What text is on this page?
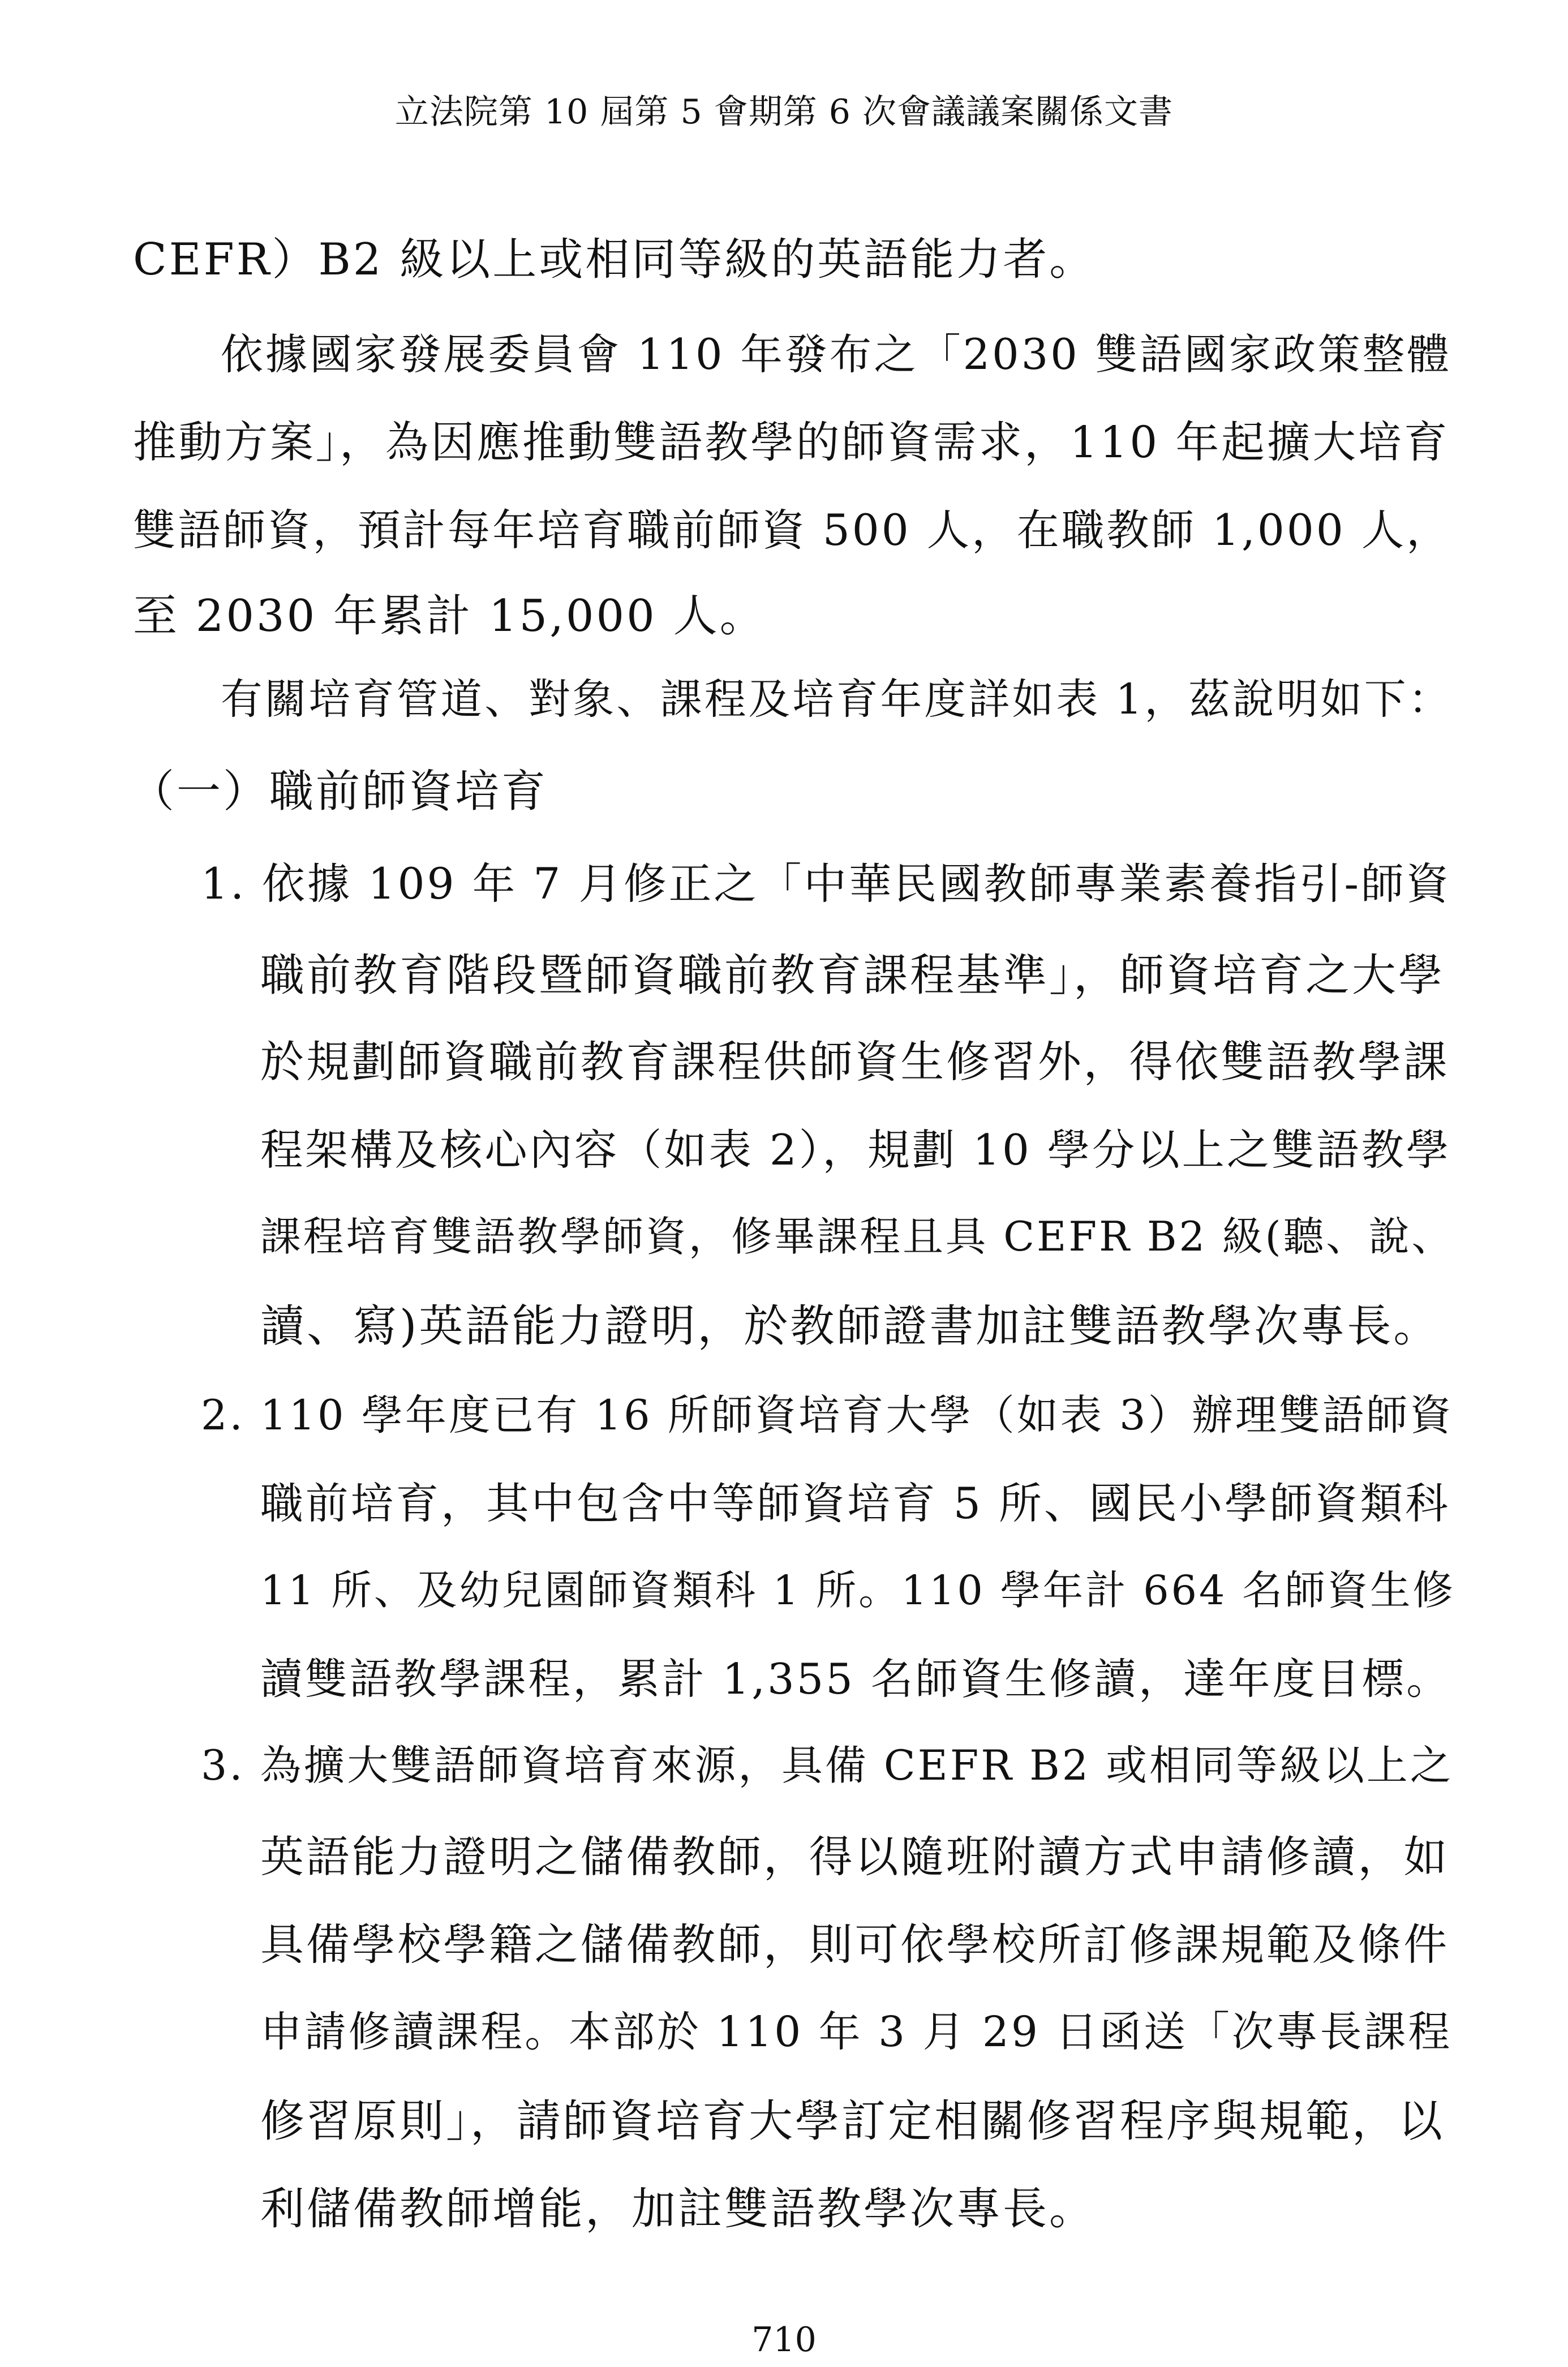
立法院第 10 屆第 5 會期第 6 次會議議案關係文書
CEFR）B2 級以上或相同等級的英語能力者。
依據國家發展委員會 110 年發布之「2030 雙語國家政策整體
推動方案」，為因應推動雙語教學的師資需求，110 年起擴大培育
雙語師資，預計每年培育職前師資 500 人，在職教師 1,000 人，
至 2030 年累計 15,000 人。
有關培育管道、對象、課程及培育年度詳如表 1，茲說明如下：
（一）職前師資培育
1. 依據 109 年 7 月修正之「中華民國教師專業素養指引-師資
職前教育階段暨師資職前教育課程基準」，師資培育之大學
於規劃師資職前教育課程供師資生修習外，得依雙語教學課
程架構及核心內容（如表 2），規劃 10 學分以上之雙語教學
課程培育雙語教學師資，修畢課程且具 CEFR B2 級(聽、說、
讀、寫)英語能力證明，於教師證書加註雙語教學次專長。
2. 110 學年度已有 16 所師資培育大學（如表 3）辦理雙語師資
職前培育，其中包含中等師資培育 5 所、國民小學師資類科
11 所、及幼兒園師資類科 1 所。110 學年計 664 名師資生修
讀雙語教學課程，累計 1,355 名師資生修讀，達年度目標。
3. 為擴大雙語師資培育來源，具備 CEFR B2 或相同等級以上之
英語能力證明之儲備教師，得以隨班附讀方式申請修讀，如
具備學校學籍之儲備教師，則可依學校所訂修課規範及條件
申請修讀課程。本部於 110 年 3 月 29 日函送「次專長課程
修習原則」，請師資培育大學訂定相關修習程序與規範，以
利儲備教師增能，加註雙語教學次專長。
710
